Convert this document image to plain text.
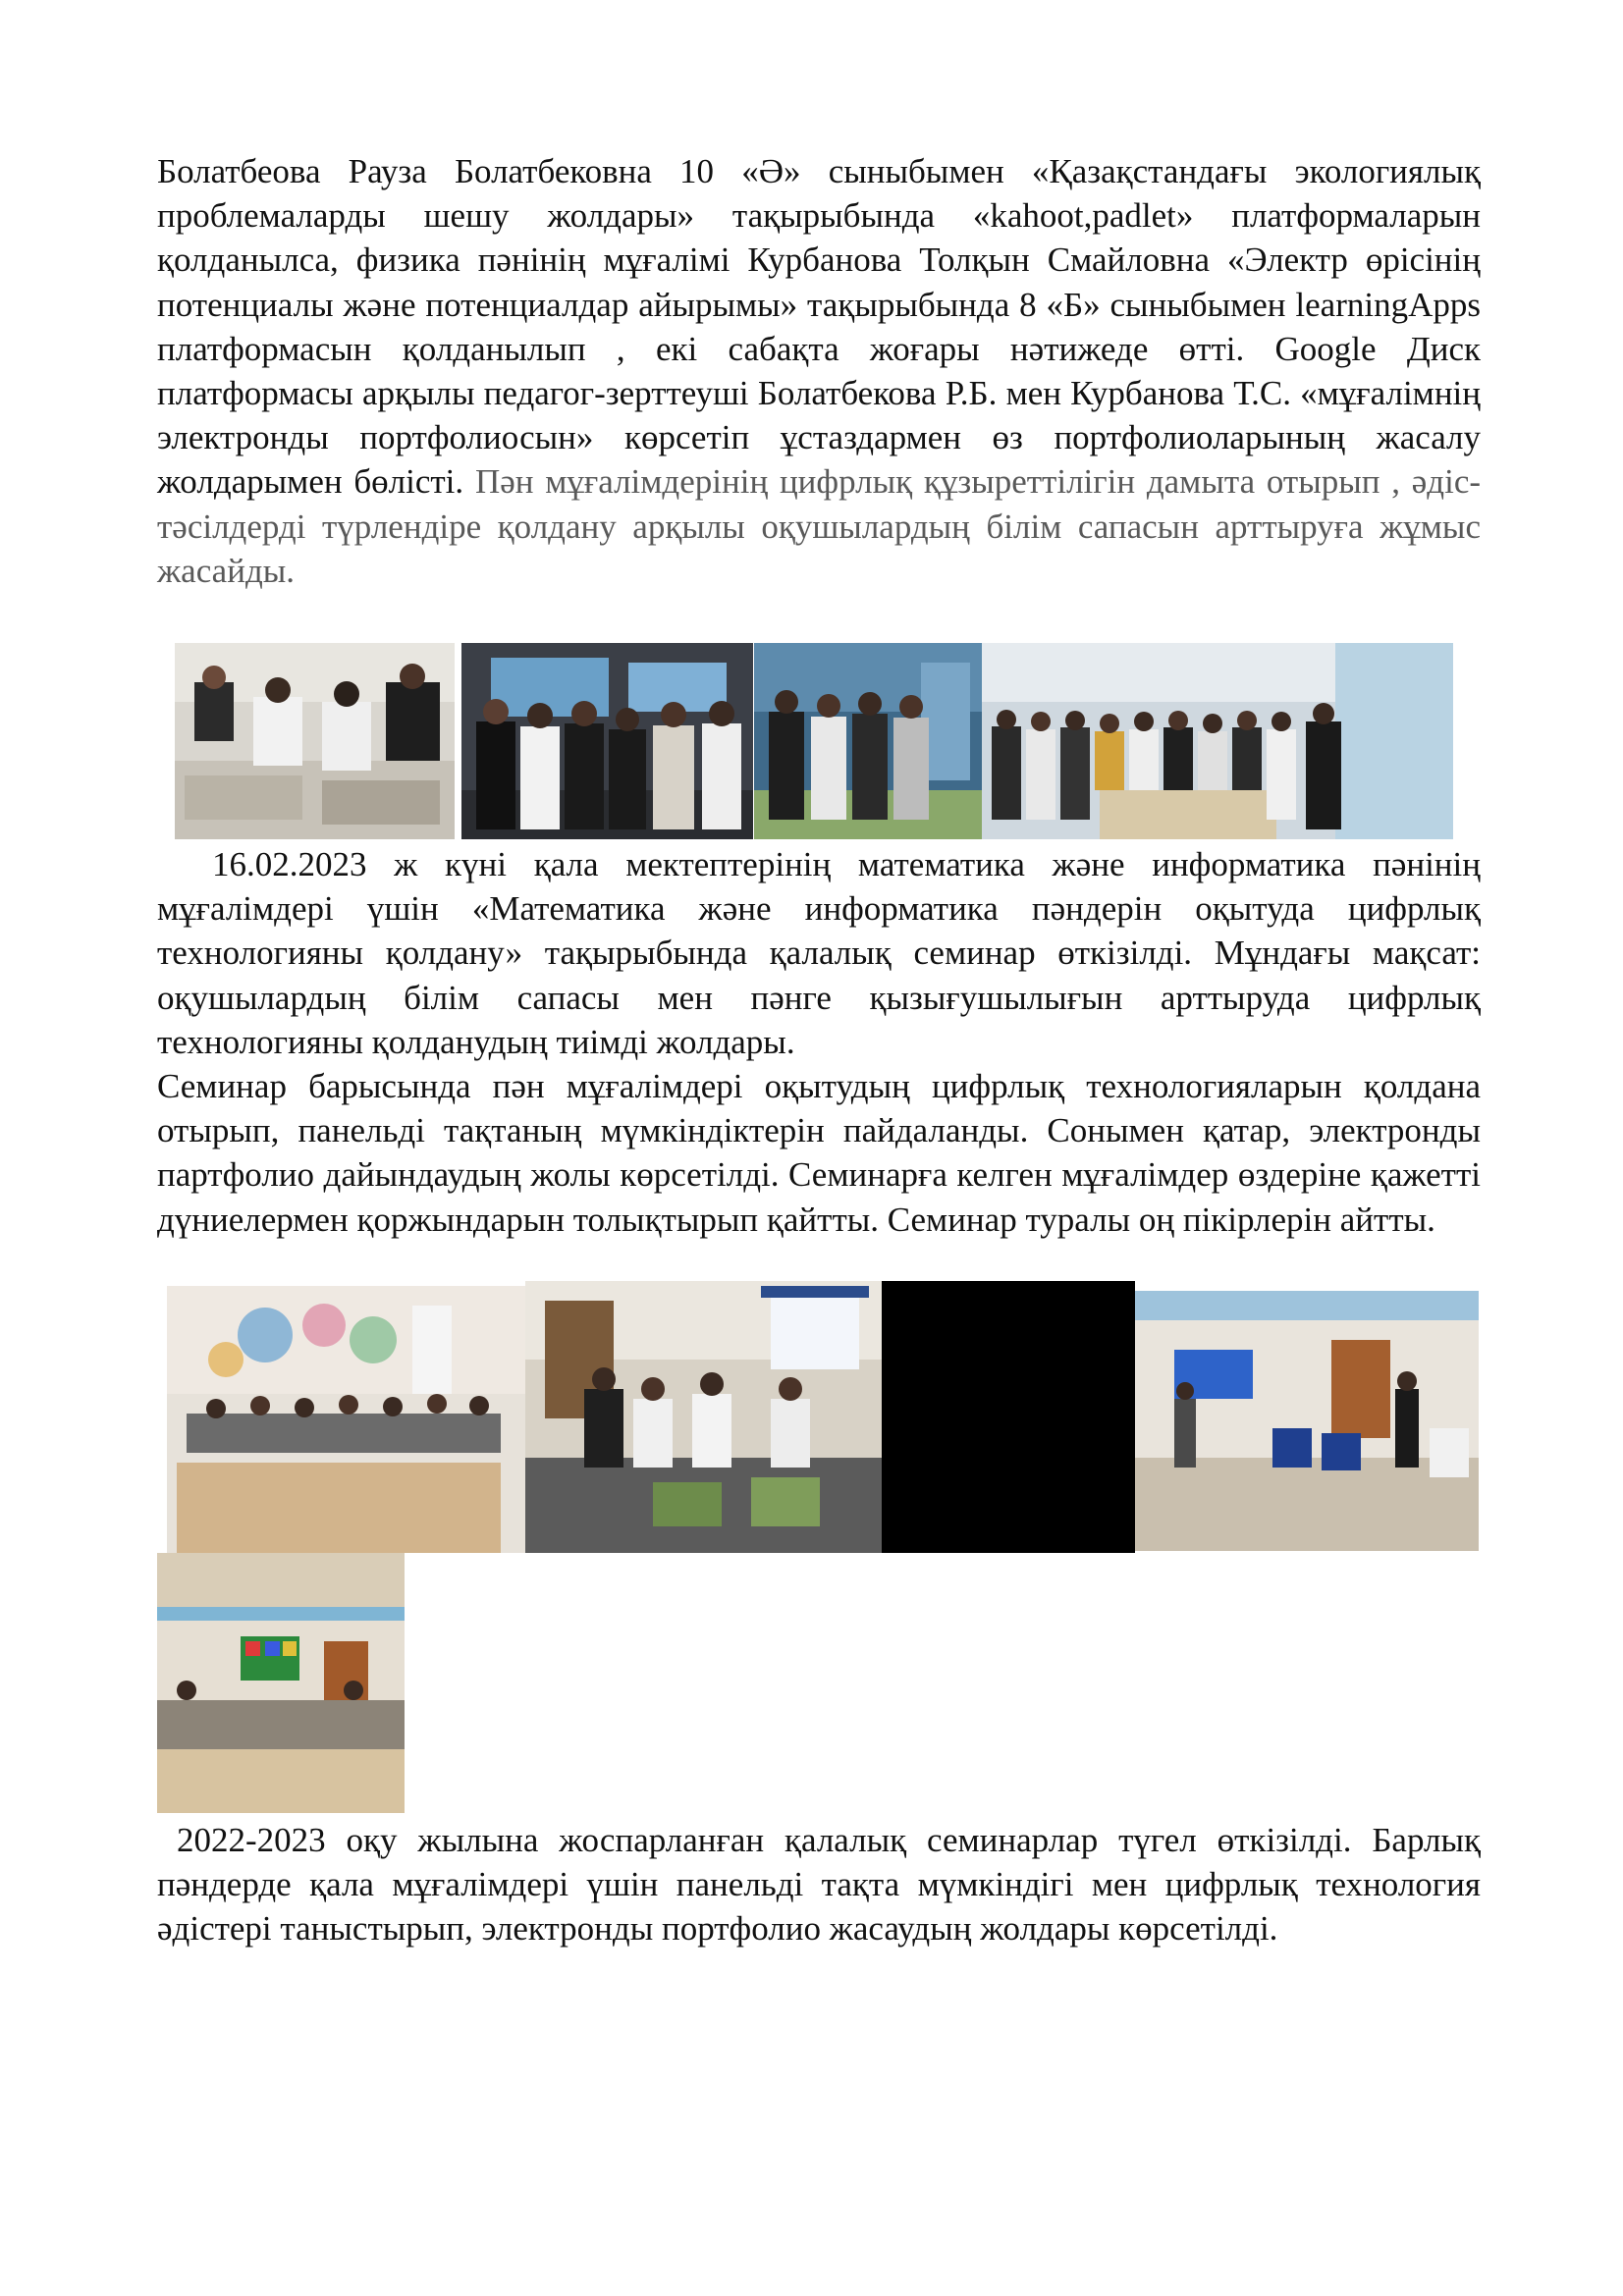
Болатбеова Рауза Болатбековна 10 «Ә» сыныбымен «Қазақстандағы экологиялық проблемаларды шешу жолдары» тақырыбында «kahoot,padlet» платформаларын қолданылса, физика пәнінің мұғалімі Курбанова Толқын Смайловна «Электр өрісінің потенциалы және потенциалдар айырымы» тақырыбында 8 «Б» сыныбымен learningApps платформасын қолданылып , екі сабақта жоғары нәтижеде өтті. Google Диск платформасы арқылы педагог-зерттеуші Болатбекова Р.Б. мен Курбанова Т.С. «мұғалімнің электронды портфолиосын» көрсетіп ұстаздармен өз портфолиоларының жасалу жолдарымен бөлісті. Пән мұғалімдерінің цифрлық құзыреттілігін дамыта отырып , әдіс-тәсілдерді түрлендіре қолдану арқылы оқушылардың білім сапасын арттыруға жұмыс жасайды.

16.02.2023 ж күні қала мектептерінің математика және информатика пәнінің мұғалімдері үшін «Математика және информатика пәндерін оқытуда цифрлық технологияны қолдану» тақырыбында қалалық семинар өткізілді. Мұндағы мақсат: оқушылардың білім сапасы мен пәнге қызығушылығын арттыруда цифрлық технологияны қолданудың тиімді жолдары.

Семинар барысында пән мұғалімдері оқытудың цифрлық технологияларын қолдана отырып, панельді тақтаның мүмкіндіктерін пайдаланды. Сонымен қатар, электронды партфолио дайындаудың жолы көрсетілді. Семинарға келген мұғалімдер өздеріне қажетті дүниелермен қоржындарын толықтырып қайтты. Семинар туралы оң пікірлерін айтты.

2022-2023 оқу жылына жоспарланған қалалық семинарлар түгел өткізілді. Барлық пәндерде қала мұғалімдері үшін панельді тақта мүмкіндігі мен цифрлық технология әдістері таныстырып, электронды портфолио жасаудың жолдары көрсетілді.
